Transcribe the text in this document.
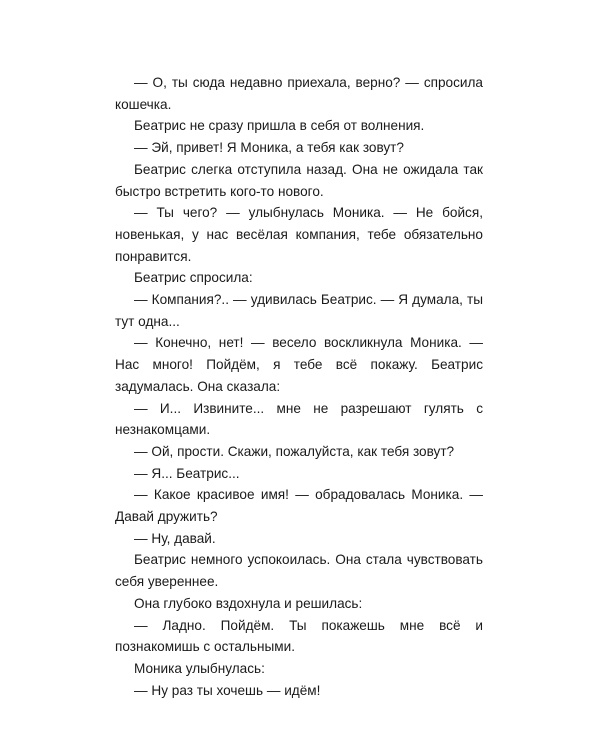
— О, ты сюда недавно приехала, верно? — спросила кошечка.

Беатрис не сразу пришла в себя от волнения.

— Эй, привет! Я Моника, а тебя как зовут?

Беатрис слегка отступила назад. Она не ожидала так быстро встретить кого-то нового.

— Ты чего? — улыбнулась Моника. — Не бойся, новенькая, у нас весёлая компания, тебе обязательно понравится.

Беатрис спросила:

— Компания?.. — удивилась Беатрис. — Я думала, ты тут одна...

— Конечно, нет! — весело воскликнула Моника. — Нас много! Пойдём, я тебе всё покажу. Беатрис задумалась. Она сказала:

— И... Извините... мне не разрешают гулять с незнакомцами.

— Ой, прости. Скажи, пожалуйста, как тебя зовут?

— Я... Беатрис...

— Какое красивое имя! — обрадовалась Моника. — Давай дружить?

— Ну, давай.

Беатрис немного успокоилась. Она стала чувствовать себя увереннее.

Она глубоко вздохнула и решилась:

— Ладно. Пойдём. Ты покажешь мне всё и познакомишь с остальными.

Моника улыбнулась:

— Ну раз ты хочешь — идём!
